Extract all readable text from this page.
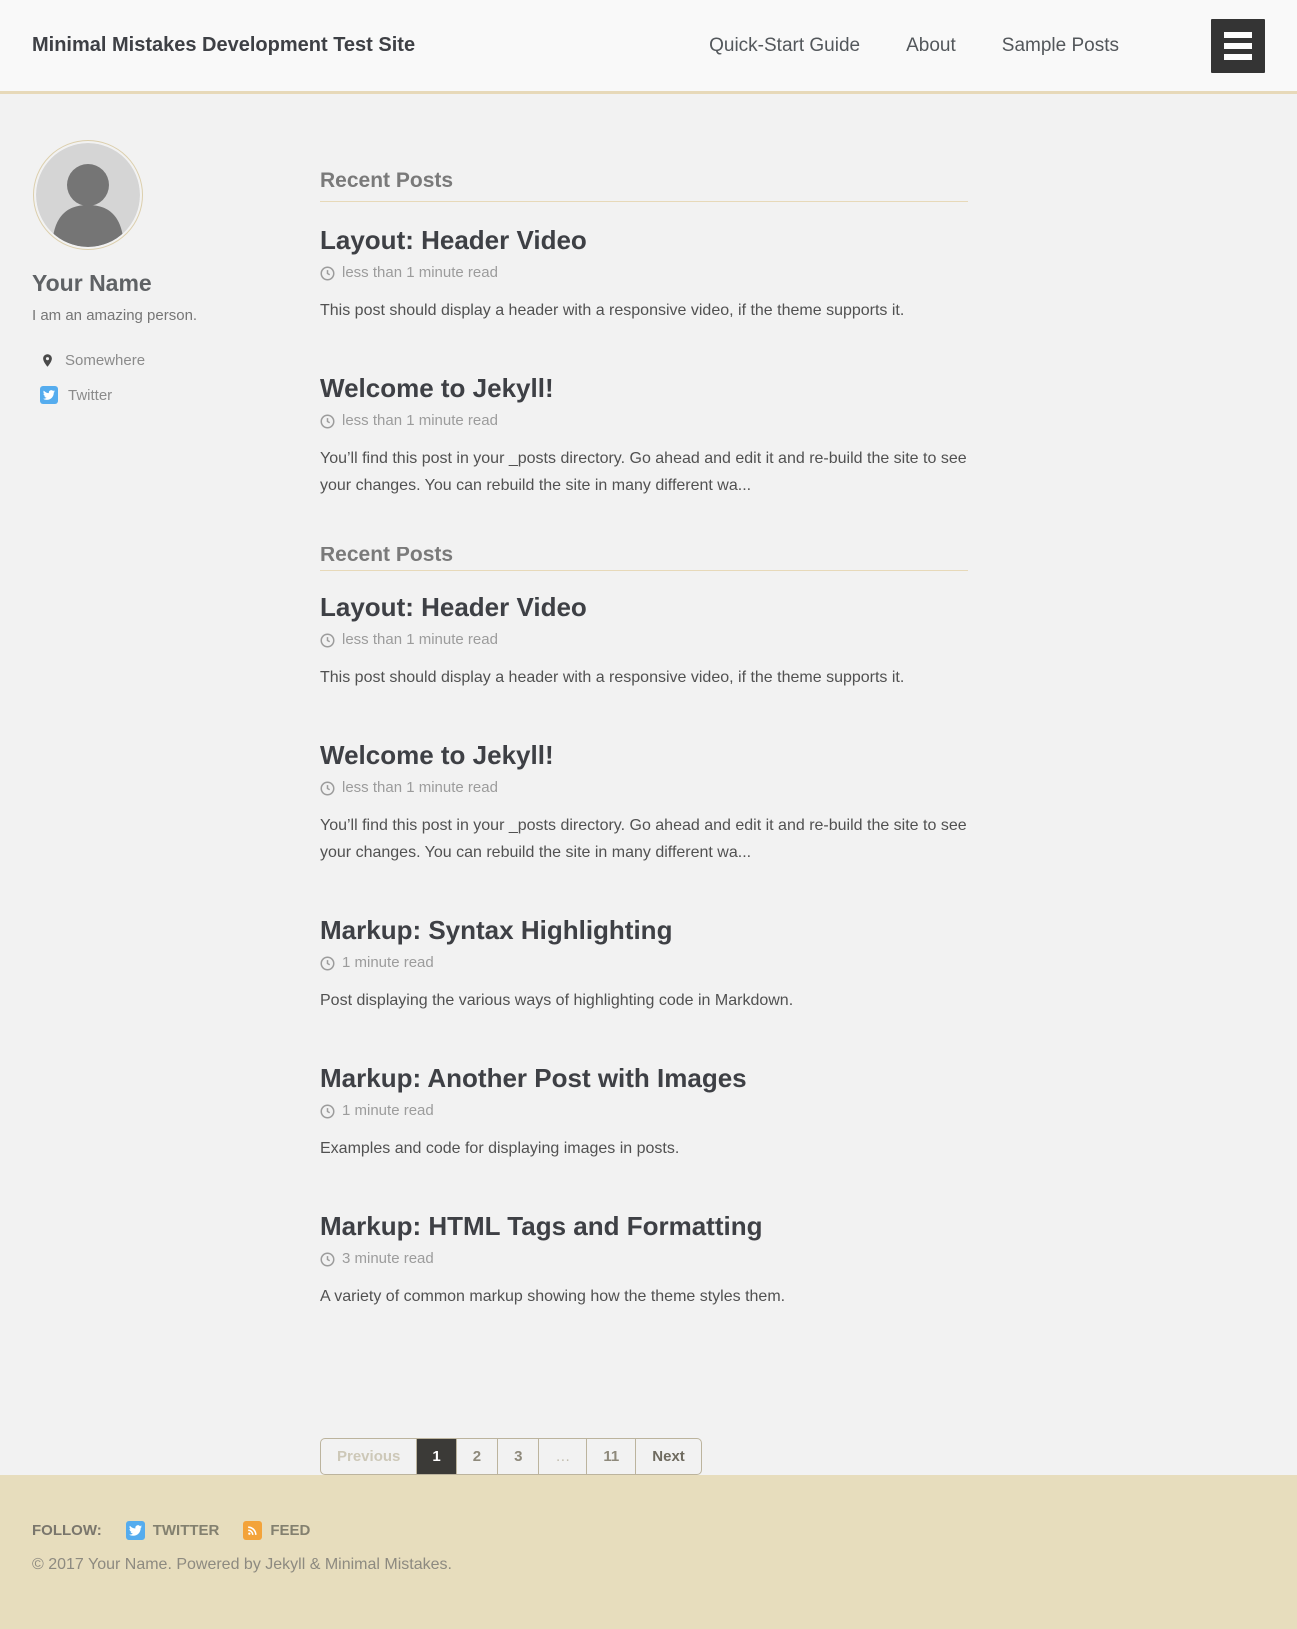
Minimal Mistakes Development Test Site	Quick-Start Guide About Sample Posts
Your Name

I am an amazing person.

Somewhere
Twitter
Recent Posts
Layout: Header Video

less than 1 minute read

This post should display a header with a responsive video, if the theme supports it.

Welcome to Jekyll!

less than 1 minute read

You’ll find this post in your _posts directory. Go ahead and edit it and re-build the site to see your changes. You can rebuild the site in many different wa...

Recent Posts
Layout: Header Video

less than 1 minute read

This post should display a header with a responsive video, if the theme supports it.

Welcome to Jekyll!

less than 1 minute read

You’ll find this post in your _posts directory. Go ahead and edit it and re-build the site to see your changes. You can rebuild the site in many different wa...

Markup: Syntax Highlighting

1 minute read

Post displaying the various ways of highlighting code in Markdown.

Markup: Another Post with Images

1 minute read

Examples and code for displaying images in posts.

Markup: HTML Tags and Formatting

3 minute read

A variety of common markup showing how the theme styles them.

Previous	1	2	3	…	11	Next
FOLLOW:	TWITTER	FEED

© 2017 Your Name. Powered by Jekyll & Minimal Mistakes.
